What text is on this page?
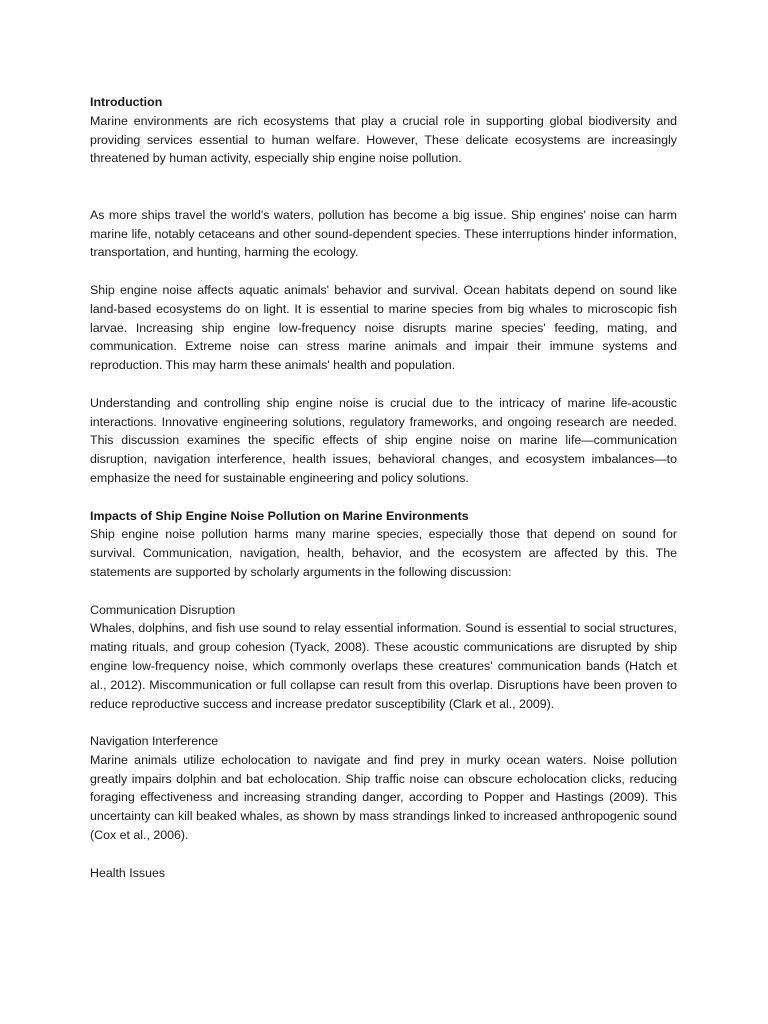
Introduction

Marine environments are rich ecosystems that play a crucial role in supporting global biodiversity and providing services essential to human welfare. However, These delicate ecosystems are increasingly threatened by human activity, especially ship engine noise pollution.

As more ships travel the world's waters, pollution has become a big issue. Ship engines' noise can harm marine life, notably cetaceans and other sound-dependent species. These interruptions hinder information, transportation, and hunting, harming the ecology.

Ship engine noise affects aquatic animals' behavior and survival. Ocean habitats depend on sound like land-based ecosystems do on light. It is essential to marine species from big whales to microscopic fish larvae. Increasing ship engine low-frequency noise disrupts marine species' feeding, mating, and communication. Extreme noise can stress marine animals and impair their immune systems and reproduction. This may harm these animals' health and population.

Understanding and controlling ship engine noise is crucial due to the intricacy of marine life-acoustic interactions. Innovative engineering solutions, regulatory frameworks, and ongoing research are needed. This discussion examines the specific effects of ship engine noise on marine life—communication disruption, navigation interference, health issues, behavioral changes, and ecosystem imbalances—to emphasize the need for sustainable engineering and policy solutions.

Impacts of Ship Engine Noise Pollution on Marine Environments

Ship engine noise pollution harms many marine species, especially those that depend on sound for survival. Communication, navigation, health, behavior, and the ecosystem are affected by this. The statements are supported by scholarly arguments in the following discussion:

Communication Disruption

Whales, dolphins, and fish use sound to relay essential information. Sound is essential to social structures, mating rituals, and group cohesion (Tyack, 2008). These acoustic communications are disrupted by ship engine low-frequency noise, which commonly overlaps these creatures' communication bands (Hatch et al., 2012). Miscommunication or full collapse can result from this overlap. Disruptions have been proven to reduce reproductive success and increase predator susceptibility (Clark et al., 2009).

Navigation Interference

Marine animals utilize echolocation to navigate and find prey in murky ocean waters. Noise pollution greatly impairs dolphin and bat echolocation. Ship traffic noise can obscure echolocation clicks, reducing foraging effectiveness and increasing stranding danger, according to Popper and Hastings (2009). This uncertainty can kill beaked whales, as shown by mass strandings linked to increased anthropogenic sound (Cox et al., 2006).

Health Issues
